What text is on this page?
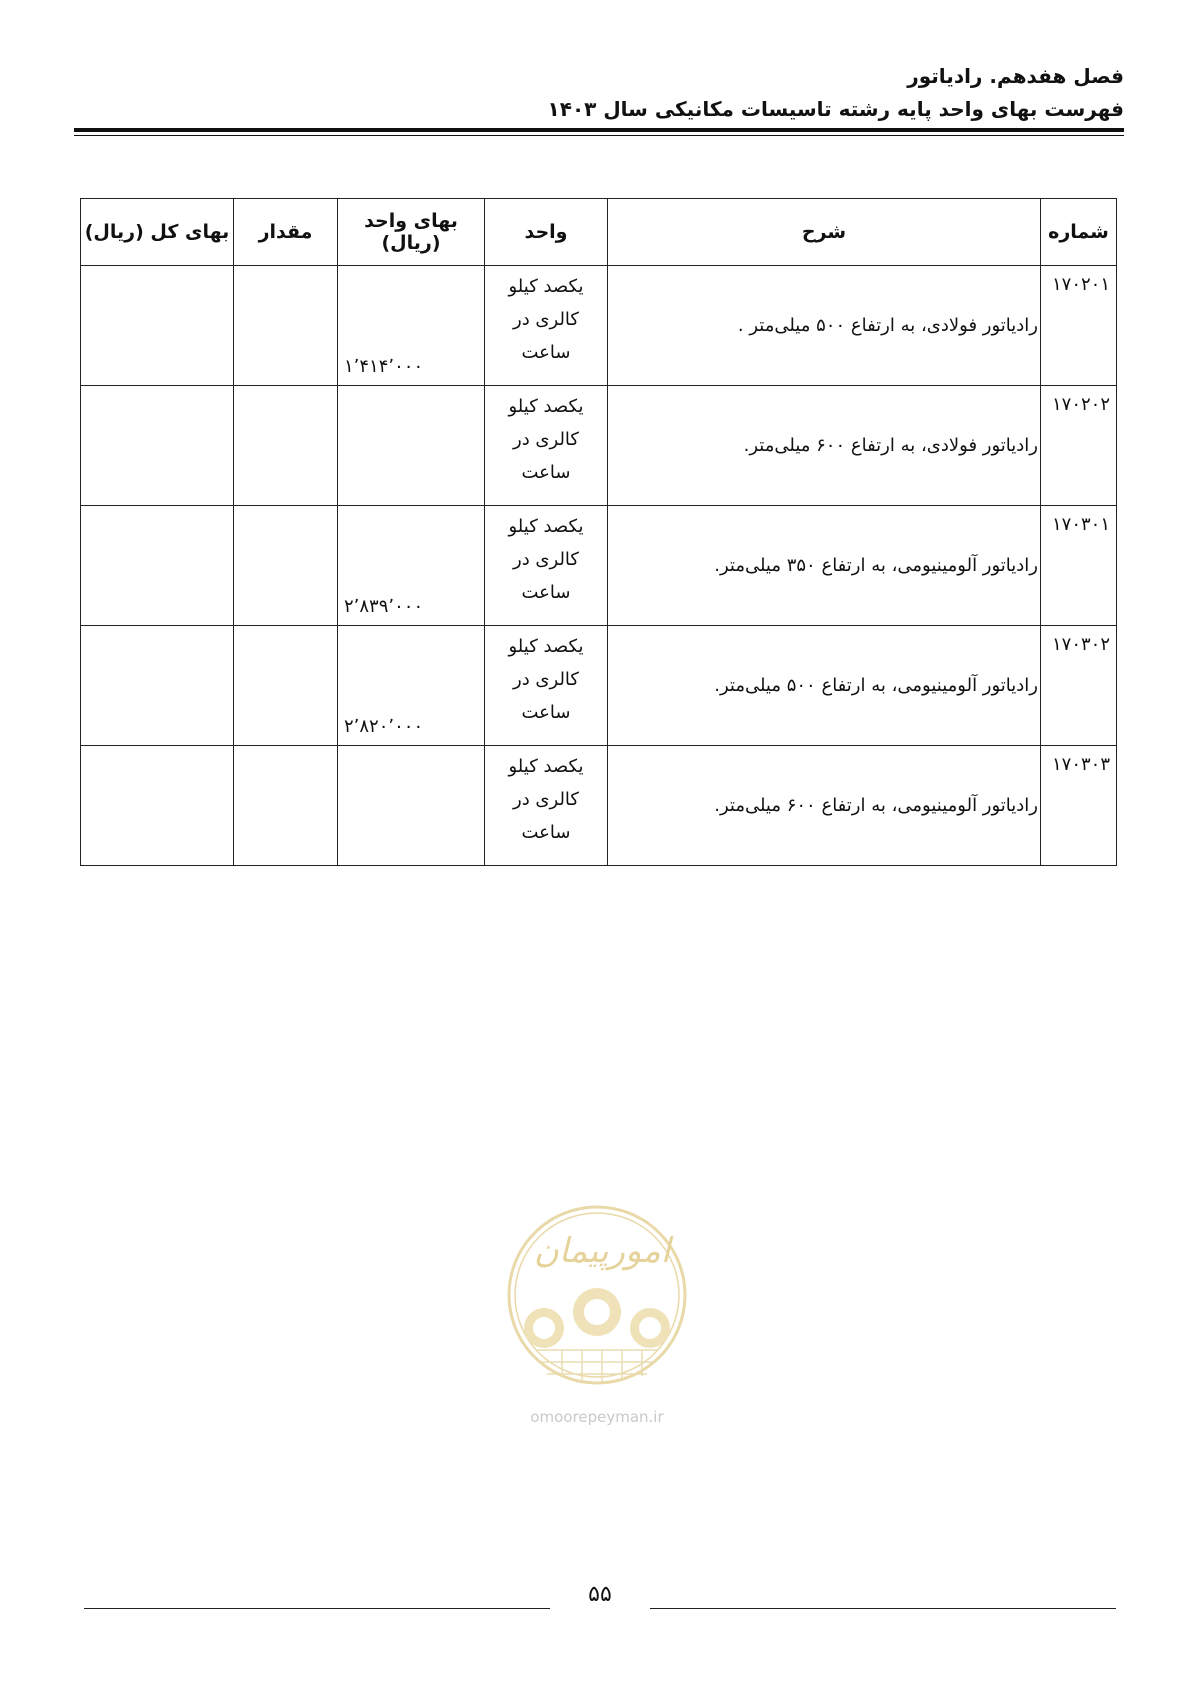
فصل هفدهم. رادیاتور
فهرست بهای واحد پایه رشته تاسیسات مکانیکی سال ۱۴۰۳
شماره	شرح	واحد	بهای واحد (ریال)	مقدار	بهای کل (ریال)

۱۷۰۲۰۱	رادیاتور فولادی، به ارتفاع ۵۰۰ میلی‌متر .	یکصد کیلو
کالری در
ساعت	۱٬۴۱۴٬۰۰۰		

۱۷۰۲۰۲	رادیاتور فولادی، به ارتفاع ۶۰۰ میلی‌متر.	یکصد کیلو
کالری در
ساعت			

۱۷۰۳۰۱	رادیاتور آلومینیومی، به ارتفاع ۳۵۰ میلی‌متر.	یکصد کیلو
کالری در
ساعت	۲٬۸۳۹٬۰۰۰		

۱۷۰۳۰۲	رادیاتور آلومینیومی، به ارتفاع ۵۰۰ میلی‌متر.	یکصد کیلو
کالری در
ساعت	۲٬۸۲۰٬۰۰۰		

۱۷۰۳۰۳	رادیاتور آلومینیومی، به ارتفاع ۶۰۰ میلی‌متر.	یکصد کیلو
کالری در
ساعت			

امورپیمان
omoorepeyman.ir
۵۵
